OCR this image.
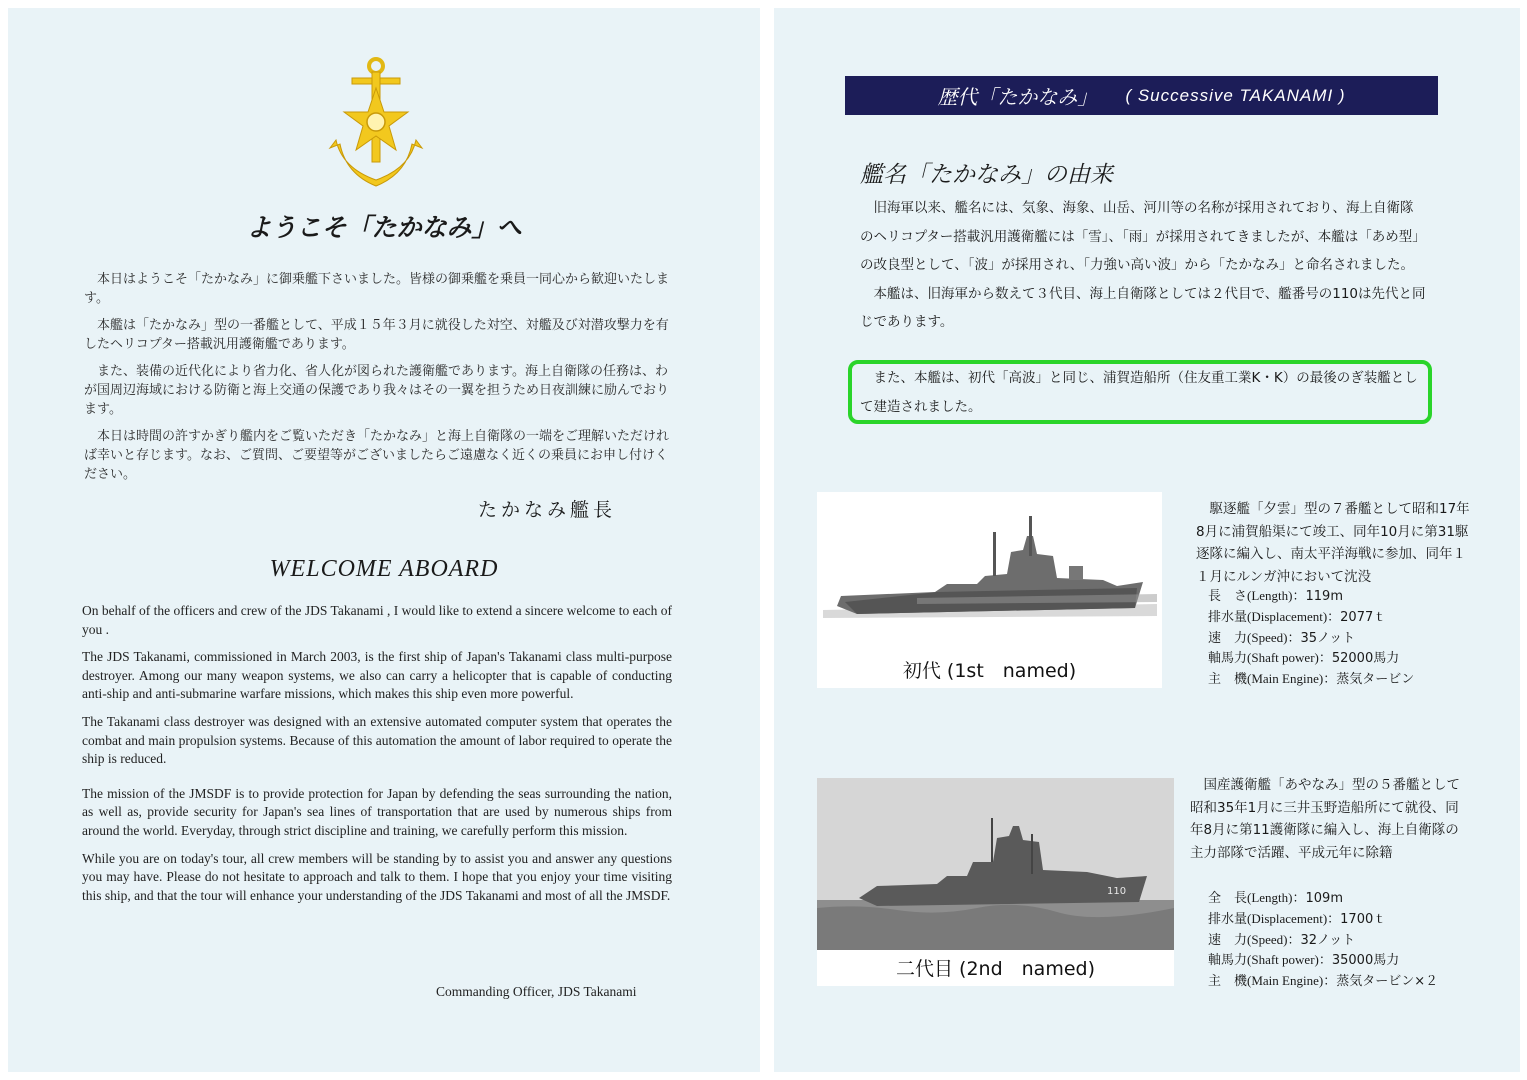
ようこそ「たかなみ」へ

本日はようこそ「たかなみ」に御乗艦下さいました。皆様の御乗艦を乗員一同心から歓迎いたします。

本艦は「たかなみ」型の一番艦として、平成１５年３月に就役した対空、対艦及び対潜攻撃力を有したヘリコプター搭載汎用護衛艦であります。

また、装備の近代化により省力化、省人化が図られた護衛艦であります。海上自衛隊の任務は、わが国周辺海域における防衛と海上交通の保護であり我々はその一翼を担うため日夜訓練に励んでおります。

本日は時間の許すかぎり艦内をご覧いただき「たかなみ」と海上自衛隊の一端をご理解いただければ幸いと存じます。なお、ご質問、ご要望等がございましたらご遠慮なく近くの乗員にお申し付けください。

たかなみ艦長
WELCOME ABOARD

On behalf of the officers and crew of the JDS Takanami , I would like to extend a sincere welcome to each of you .

The JDS Takanami, commissioned in March 2003, is the first ship of Japan's Takanami class multi-purpose destroyer. Among our many weapon systems, we also can carry a helicopter that is capable of conducting anti-ship and anti-submarine warfare missions, which makes this ship even more powerful.

The Takanami class destroyer was designed with an extensive automated computer system that operates the combat and main propulsion systems. Because of this automation the amount of labor required to operate the ship is reduced.

The mission of the JMSDF is to provide protection for Japan by defending the seas surrounding the nation, as well as, provide security for Japan's sea lines of transportation that are used by numerous ships from around the world. Everyday, through strict discipline and training, we carefully perform this mission.

While you are on today's tour, all crew members will be standing by to assist you and answer any questions you may have. Please do not hesitate to approach and talk to them. I hope that you enjoy your time visiting this ship, and that the tour will enhance your understanding of the JDS Takanami and most of all the JMSDF.

Commanding Officer, JDS Takanami
歴代「たかなみ」 ( Successive TAKANAMI )
艦名「たかなみ」の由来

旧海軍以来、艦名には、気象、海象、山岳、河川等の名称が採用されており、海上自衛隊のヘリコプター搭載汎用護衛艦には「雪」、「雨」が採用されてきましたが、本艦は「あめ型」の改良型として、「波」が採用され、「力強い高い波」から「たかなみ」と命名されました。

本艦は、旧海軍から数えて３代目、海上自衛隊としては２代目で、艦番号の110は先代と同じであります。

また、本艦は、初代「高波」と同じ、浦賀造船所（住友重工業K・K）の最後のぎ装艦として建造されました。

初代 (1st　named)

駆逐艦「夕雲」型の７番艦として昭和17年8月に浦賀船渠にて竣工、同年10月に第31駆逐隊に編入し、南太平洋海戦に参加、同年１１月にルンガ沖において沈没

長　さ(Length)：119m
排水量(Displacement)：2077ｔ
速　力(Speed)：35ノット
軸馬力(Shaft power)：52000馬力
主　機(Main Engine)：蒸気タービン
110
二代目 (2nd　named)

国産護衛艦「あやなみ」型の５番艦として昭和35年1月に三井玉野造船所にて就役、同年8月に第11護衛隊に編入し、海上自衛隊の主力部隊で活躍、平成元年に除籍

全　長(Length)：109m
排水量(Displacement)：1700ｔ
速　力(Speed)：32ノット
軸馬力(Shaft power)：35000馬力
主　機(Main Engine)：蒸気タービン×２
